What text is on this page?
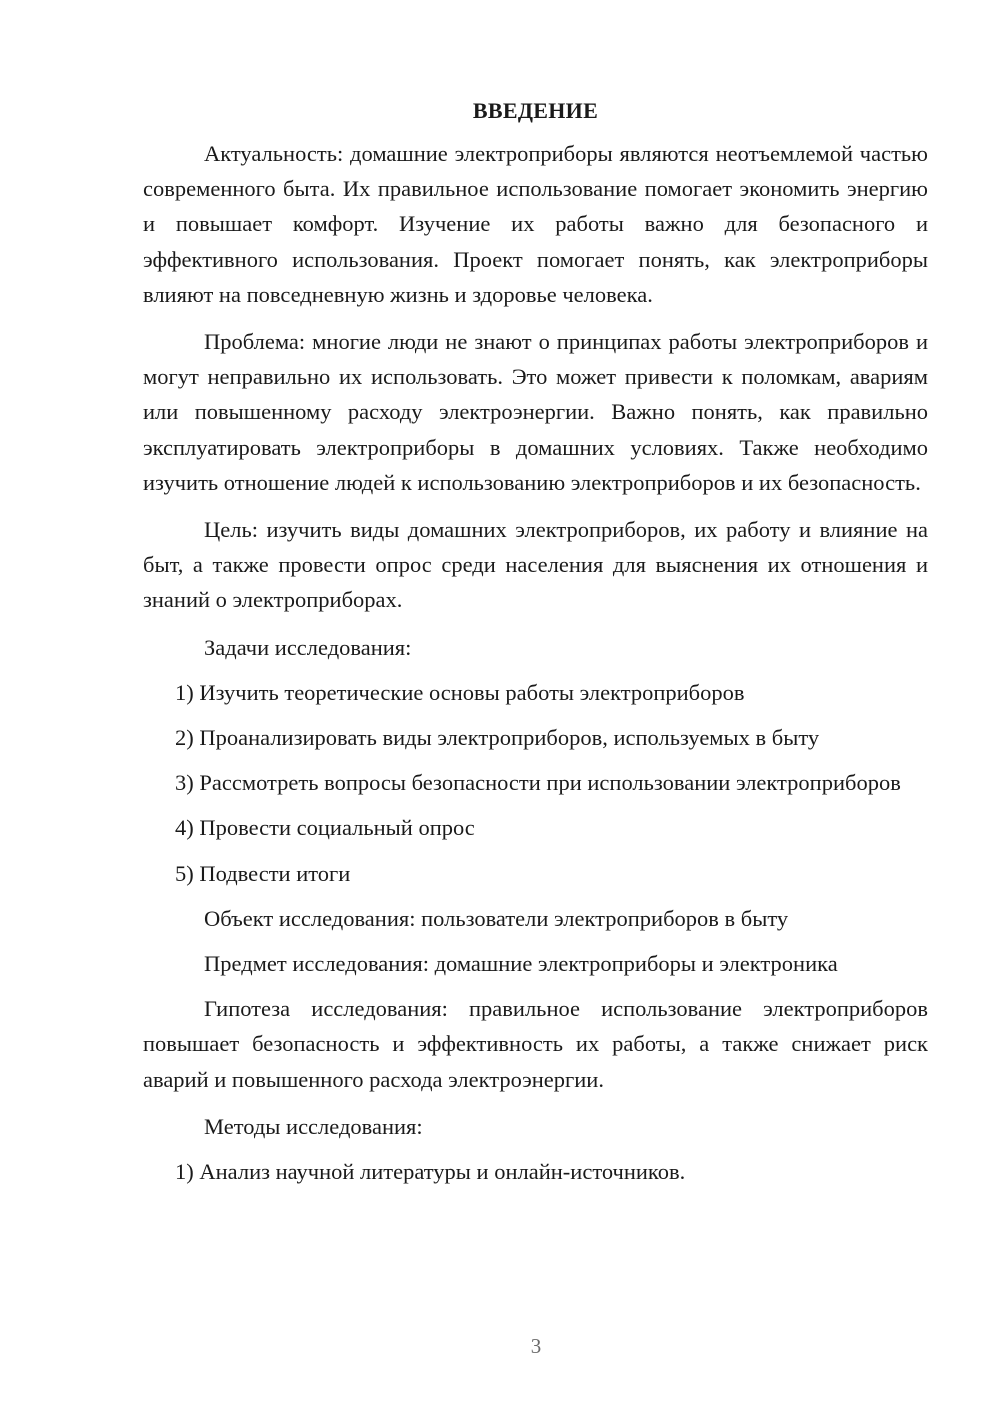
ВВЕДЕНИЕ

Актуальность: домашние электроприборы являются неотъемлемой частью современного быта. Их правильное использование помогает экономить энергию и повышает комфорт. Изучение их работы важно для безопасного и эффективного использования. Проект помогает понять, как электроприборы влияют на повседневную жизнь и здоровье человека.

Проблема: многие люди не знают о принципах работы электроприборов и могут неправильно их использовать. Это может привести к поломкам, авариям или повышенному расходу электроэнергии. Важно понять, как правильно эксплуатировать электроприборы в домашних условиях. Также необходимо изучить отношение людей к использованию электроприборов и их безопасность.

Цель: изучить виды домашних электроприборов, их работу и влияние на быт, а также провести опрос среди населения для выяснения их отношения и знаний о электроприборах.

Задачи исследования:
1) Изучить теоретические основы работы электроприборов
2) Проанализировать виды электроприборов, используемых в быту
3) Рассмотреть вопросы безопасности при использовании электроприборов
4) Провести социальный опрос
5) Подвести итоги
Объект исследования: пользователи электроприборов в быту
Предмет исследования: домашние электроприборы и электроника

Гипотеза исследования: правильное использование электроприборов повышает безопасность и эффективность их работы, а также снижает риск аварий и повышенного расхода электроэнергии.

Методы исследования:
1) Анализ научной литературы и онлайн-источников.
3
